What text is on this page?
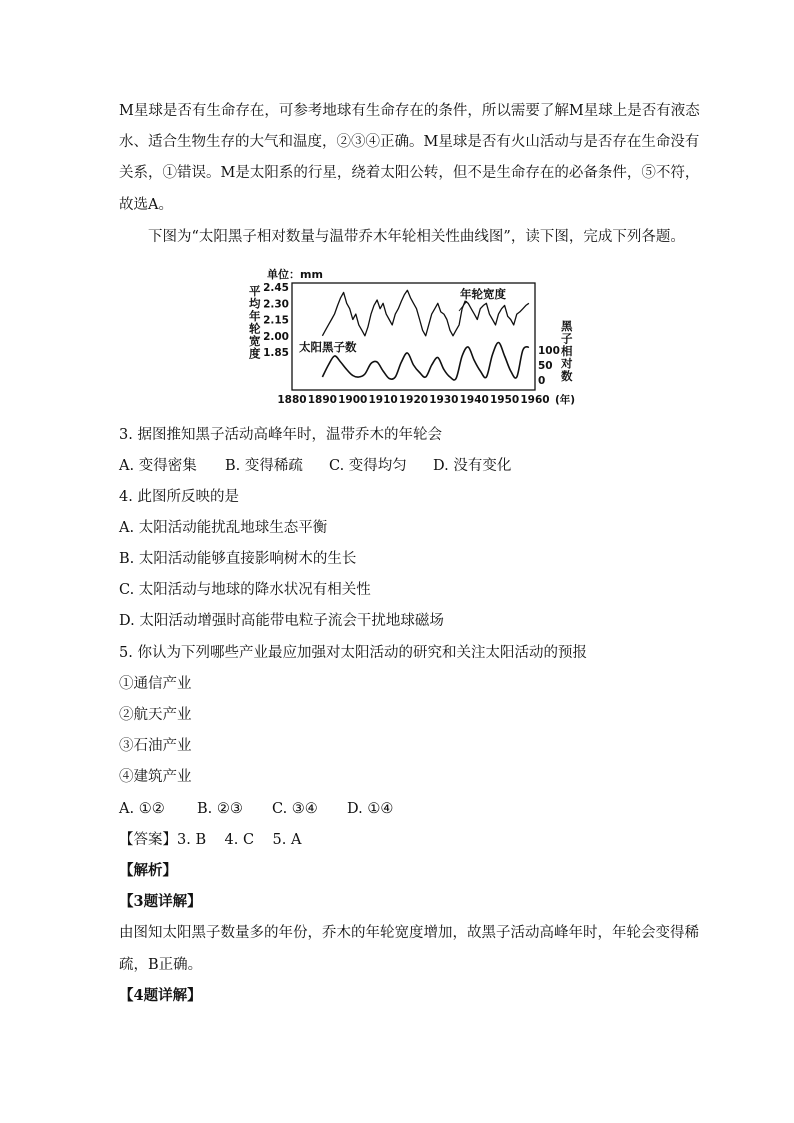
M星球是否有生命存在，可参考地球有生命存在的条件，所以需要了解M星球上是否有液态
水、适合生物生存的大气和温度，②③④正确。M星球是否有火山活动与是否存在生命没有
关系，①错误。M是太阳系的行星，绕着太阳公转，但不是生命存在的必备条件，⑤不符，
故选A。
下图为“太阳黑子相对数量与温带乔木年轮相关性曲线图”，读下图，完成下列各题。
单位：mm
平
均
年
轮
宽
度
2.45
2.30
2.15
2.00
1.85
黑
子
相
对
数
100
50
0
1880 1890 1900 1910 1920 1930 1940 1950 1960 (年)
年轮宽度
太阳黑子数
3. 据图推知黑子活动高峰年时，温带乔木的年轮会
A. 变得密集 B. 变得稀疏 C. 变得均匀 D. 没有变化
4. 此图所反映的是
A. 太阳活动能扰乱地球生态平衡
B. 太阳活动能够直接影响树木的生长
C. 太阳活动与地球的降水状况有相关性
D. 太阳活动增强时高能带电粒子流会干扰地球磁场
5. 你认为下列哪些产业最应加强对太阳活动的研究和关注太阳活动的预报
①通信产业
②航天产业
③石油产业
④建筑产业
A. ①② B. ②③ C. ③④ D. ①④
【答案】3. B    4. C    5. A
【解析】
【3题详解】
由图知太阳黑子数量多的年份，乔木的年轮宽度增加，故黑子活动高峰年时，年轮会变得稀
疏，B正确。
【4题详解】
